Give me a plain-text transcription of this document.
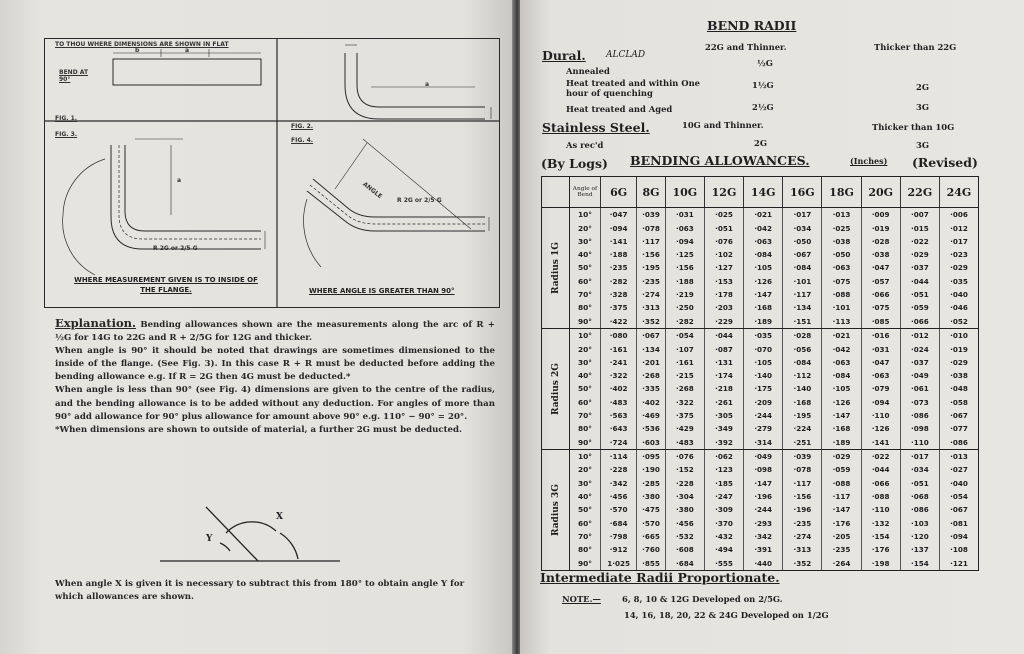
TO THOU WHERE DIMENSIONS ARE SHOWN IN FLAT
BEND AT 90°
b	a
FIG. 1.
FIG. 3.
FIG. 2.
FIG. 4.
a
a
R 2G or 2/5 G
R 2G or 2/5 G
ANGLE
WHERE MEASUREMENT GIVEN IS TO INSIDE OF THE FLANGE.	WHERE ANGLE IS GREATER THAN 90°

Explanation. Bending allowances shown are the measurements along the arc of R + ½G for 14G to 22G and R + 2/5G for 12G and thicker.

When angle is 90° it should be noted that drawings are sometimes dimensioned to the inside of the flange. (See Fig. 3). In this case R + R must be deducted before adding the bending allowance e.g. If R = 2G then 4G must be deducted.*

When angle is less than 90° (see Fig. 4) dimensions are given to the centre of the radius, and the bending allowance is to be added without any deduction. For angles of more than 90° add allowance for 90° plus allowance for amount above 90° e.g. 110° − 90° = 20°.

*When dimensions are shown to outside of material, a further 2G must be deducted.

Y
X
When angle X is given it is necessary to subtract this from 180° to obtain angle Y for which allowances are shown.
BEND RADII
22G and Thinner.	Thicker than 22G
Dural. ALCLAD
Annealed
½G
Heat treated and within One hour of quenching
1½G	2G
Heat treated and Aged	2½G	3G
Stainless Steel.	10G and Thinner.	Thicker than 10G
As rec'd	2G	3G
(By Logs) BENDING ALLOWANCES.	(Inches) (Revised)
Radius 1G
Radius 2G
Radius 3G
Angle of Bend	6G	8G	10G	12G	14G	16G	18G	20G	22G	24G
10°	·047	·039	·031	·025	·021	·017	·013	·009	·007	·006
20°	·094	·078	·063	·051	·042	·034	·025	·019	·015	·012
30°	·141	·117	·094	·076	·063	·050	·038	·028	·022	·017
40°	·188	·156	·125	·102	·084	·067	·050	·038	·029	·023
50°	·235	·195	·156	·127	·105	·084	·063	·047	·037	·029
60°	·282	·235	·188	·153	·126	·101	·075	·057	·044	·035
70°	·328	·274	·219	·178	·147	·117	·088	·066	·051	·040
80°	·375	·313	·250	·203	·168	·134	·101	·075	·059	·046
90°	·422	·352	·282	·229	·189	·151	·113	·085	·066	·052
10°	·080	·067	·054	·044	·035	·028	·021	·016	·012	·010
20°	·161	·134	·107	·087	·070	·056	·042	·031	·024	·019
30°	·241	·201	·161	·131	·105	·084	·063	·047	·037	·029
40°	·322	·268	·215	·174	·140	·112	·084	·063	·049	·038
50°	·402	·335	·268	·218	·175	·140	·105	·079	·061	·048
60°	·483	·402	·322	·261	·209	·168	·126	·094	·073	·058
70°	·563	·469	·375	·305	·244	·195	·147	·110	·086	·067
80°	·643	·536	·429	·349	·279	·224	·168	·126	·098	·077
90°	·724	·603	·483	·392	·314	·251	·189	·141	·110	·086
10°	·114	·095	·076	·062	·049	·039	·029	·022	·017	·013
20°	·228	·190	·152	·123	·098	·078	·059	·044	·034	·027
30°	·342	·285	·228	·185	·147	·117	·088	·066	·051	·040
40°	·456	·380	·304	·247	·196	·156	·117	·088	·068	·054
50°	·570	·475	·380	·309	·244	·196	·147	·110	·086	·067
60°	·684	·570	·456	·370	·293	·235	·176	·132	·103	·081
70°	·798	·665	·532	·432	·342	·274	·205	·154	·120	·094
80°	·912	·760	·608	·494	·391	·313	·235	·176	·137	·108
90°	1·025	·855	·684	·555	·440	·352	·264	·198	·154	·121
Intermediate Radii Proportionate.
NOTE.—	6, 8, 10 & 12G Developed on 2/5G.
14, 16, 18, 20, 22 & 24G Developed on 1/2G
